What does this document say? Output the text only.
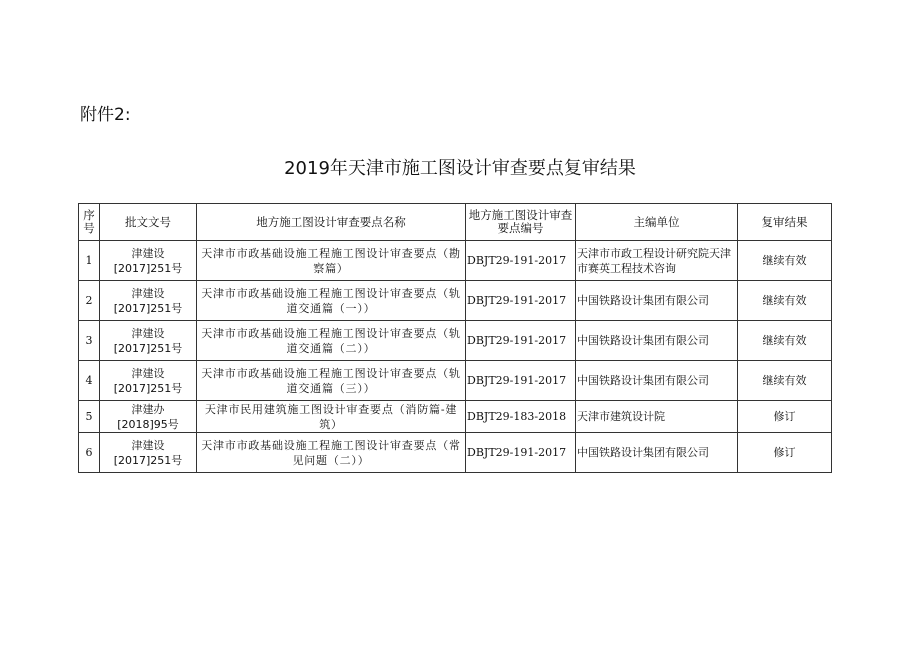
附件2:
2019年天津市施工图设计审查要点复审结果
序号	批文文号	地方施工图设计审查要点名称	地方施工图设计审查要点编号	主编单位	复审结果
1	津建设
[2017]251号	天津市市政基础设施工程施工图设计审查要点（勘察篇）	DBJT29-191-2017	天津市市政工程设计研究院天津市赛英工程技术咨询	继续有效
2	津建设
[2017]251号	天津市市政基础设施工程施工图设计审查要点（轨道交通篇（一））	DBJT29-191-2017	中国铁路设计集团有限公司	继续有效
3	津建设
[2017]251号	天津市市政基础设施工程施工图设计审查要点（轨道交通篇（二））	DBJT29-191-2017	中国铁路设计集团有限公司	继续有效
4	津建设
[2017]251号	天津市市政基础设施工程施工图设计审查要点（轨道交通篇（三））	DBJT29-191-2017	中国铁路设计集团有限公司	继续有效
5	津建办
[2018]95号	天津市民用建筑施工图设计审查要点（消防篇-建筑）	DBJT29-183-2018	天津市建筑设计院	修订
6	津建设
[2017]251号	天津市市政基础设施工程施工图设计审查要点（常见问题（二））	DBJT29-191-2017	中国铁路设计集团有限公司	修订
